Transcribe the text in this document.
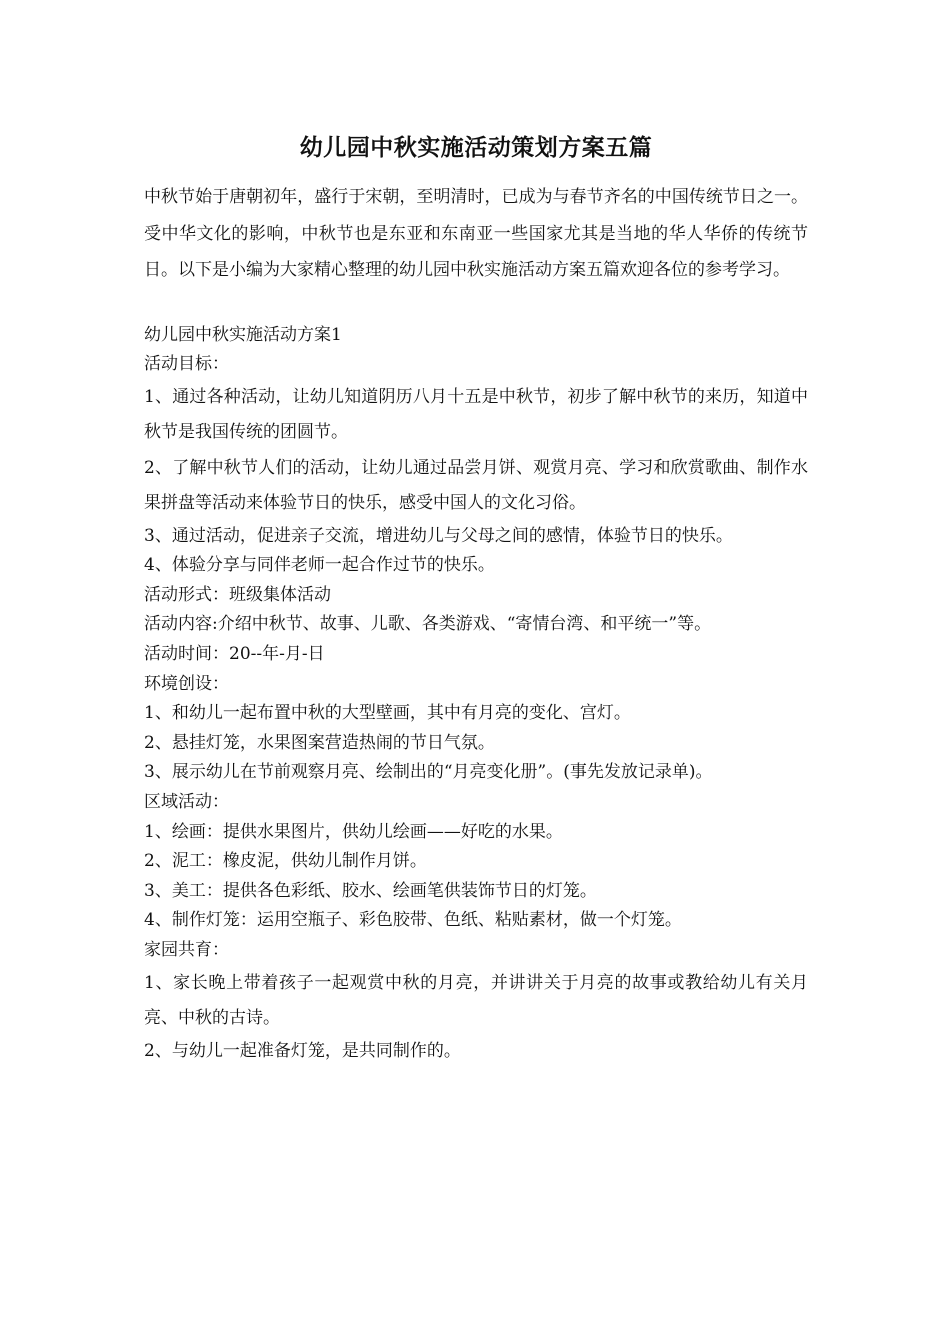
幼儿园中秋实施活动策划方案五篇
中秋节始于唐朝初年，盛行于宋朝，至明清时，已成为与春节齐名的中国传统节日之一。受中华文化的影响，中秋节也是东亚和东南亚一些国家尤其是当地的华人华侨的传统节日。以下是小编为大家精心整理的幼儿园中秋实施活动方案五篇欢迎各位的参考学习。
幼儿园中秋实施活动方案1
活动目标：
1、通过各种活动，让幼儿知道阴历八月十五是中秋节，初步了解中秋节的来历，知道中秋节是我国传统的团圆节。
2、了解中秋节人们的活动，让幼儿通过品尝月饼、观赏月亮、学习和欣赏歌曲、制作水果拼盘等活动来体验节日的快乐，感受中国人的文化习俗。
3、通过活动，促进亲子交流，增进幼儿与父母之间的感情，体验节日的快乐。
4、体验分享与同伴老师一起合作过节的快乐。
活动形式：班级集体活动
活动内容:介绍中秋节、故事、儿歌、各类游戏、“寄情台湾、和平统一”等。
活动时间：20--年-月-日
环境创设：
1、和幼儿一起布置中秋的大型壁画，其中有月亮的变化、宫灯。
2、悬挂灯笼，水果图案营造热闹的节日气氛。
3、展示幼儿在节前观察月亮、绘制出的“月亮变化册”。(事先发放记录单)。
区域活动：
1、绘画：提供水果图片，供幼儿绘画——好吃的水果。
2、泥工：橡皮泥，供幼儿制作月饼。
3、美工：提供各色彩纸、胶水、绘画笔供装饰节日的灯笼。
4、制作灯笼：运用空瓶子、彩色胶带、色纸、粘贴素材，做一个灯笼。
家园共育：
1、家长晚上带着孩子一起观赏中秋的月亮，并讲讲关于月亮的故事或教给幼儿有关月亮、中秋的古诗。
2、与幼儿一起准备灯笼，是共同制作的。
